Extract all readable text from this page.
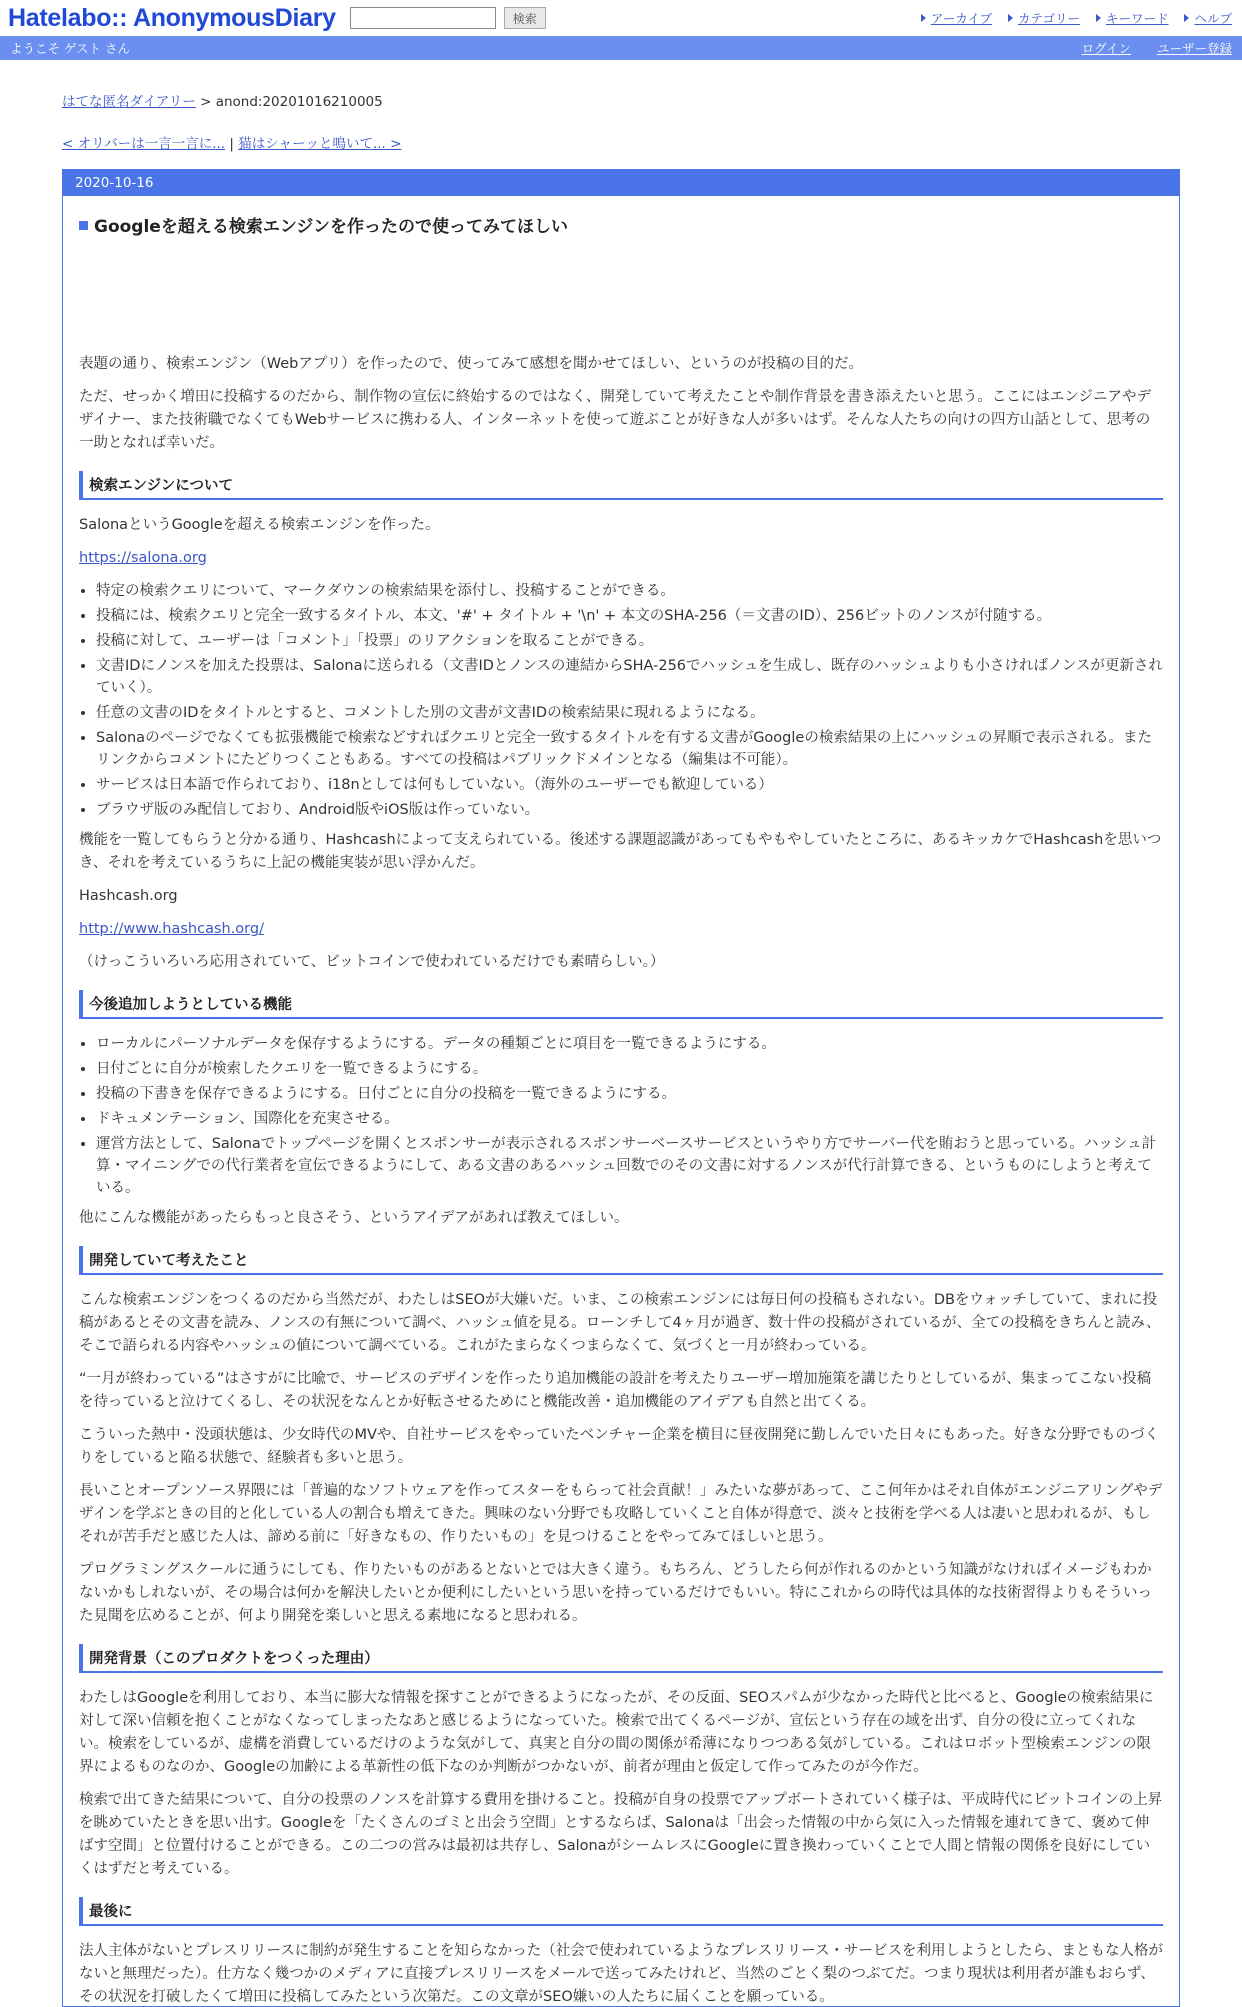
Hatelabo:: AnonymousDiary	検索	アーカイブ カテゴリー キーワード ヘルプ
ようこそ ゲスト さん	ログイン ユーザー登録
はてな匿名ダイアリー > anond:20201016210005
< オリバーは一言一言に... | 猫はシャーッと鳴いて... >
2020-10-16
Googleを超える検索エンジンを作ったので使ってみてほしい

表題の通り、検索エンジン（Webアプリ）を作ったので、使ってみて感想を聞かせてほしい、というのが投稿の目的だ。

ただ、せっかく増田に投稿するのだから、制作物の宣伝に終始するのではなく、開発していて考えたことや制作背景を書き添えたいと思う。ここにはエンジニアやデザイナー、また技術職でなくてもWebサービスに携わる人、インターネットを使って遊ぶことが好きな人が多いはず。そんな人たちの向けの四方山話として、思考の一助となれば幸いだ。

検索エンジンについて

SalonaというGoogleを超える検索エンジンを作った。

https://salona.org

• 特定の検索クエリについて、マークダウンの検索結果を添付し、投稿することができる。
• 投稿には、検索クエリと完全一致するタイトル、本文、'#' + タイトル + '\n' + 本文のSHA-256（＝文書のID）、256ビットのノンスが付随する。
• 投稿に対して、ユーザーは「コメント」「投票」のリアクションを取ることができる。
• 文書IDにノンスを加えた投票は、Salonaに送られる（文書IDとノンスの連結からSHA-256でハッシュを生成し、既存のハッシュよりも小さければノンスが更新されていく）。
• 任意の文書のIDをタイトルとすると、コメントした別の文書が文書IDの検索結果に現れるようになる。
• Salonaのページでなくても拡張機能で検索などすればクエリと完全一致するタイトルを有する文書がGoogleの検索結果の上にハッシュの昇順で表示される。またリンクからコメントにたどりつくこともある。すべての投稿はパブリックドメインとなる（編集は不可能）。
• サービスは日本語で作られており、i18nとしては何もしていない。（海外のユーザーでも歓迎している）
• ブラウザ版のみ配信しており、Android版やiOS版は作っていない。

機能を一覧してもらうと分かる通り、Hashcashによって支えられている。後述する課題認識があってもやもやしていたところに、あるキッカケでHashcashを思いつき、それを考えているうちに上記の機能実装が思い浮かんだ。

Hashcash.org

http://www.hashcash.org/

（けっこういろいろ応用されていて、ビットコインで使われているだけでも素晴らしい。）

今後追加しようとしている機能
• ローカルにパーソナルデータを保存するようにする。データの種類ごとに項目を一覧できるようにする。
• 日付ごとに自分が検索したクエリを一覧できるようにする。
• 投稿の下書きを保存できるようにする。日付ごとに自分の投稿を一覧できるようにする。
• ドキュメンテーション、国際化を充実させる。
• 運営方法として、Salonaでトップページを開くとスポンサーが表示されるスポンサーベースサービスというやり方でサーバー代を賄おうと思っている。ハッシュ計算・マイニングでの代行業者を宣伝できるようにして、ある文書のあるハッシュ回数でのその文書に対するノンスが代行計算できる、というものにしようと考えている。

他にこんな機能があったらもっと良さそう、というアイデアがあれば教えてほしい。

開発していて考えたこと

こんな検索エンジンをつくるのだから当然だが、わたしはSEOが大嫌いだ。いま、この検索エンジンには毎日何の投稿もされない。DBをウォッチしていて、まれに投稿があるとその文書を読み、ノンスの有無について調べ、ハッシュ値を見る。ローンチして4ヶ月が過ぎ、数十件の投稿がされているが、全ての投稿をきちんと読み、そこで語られる内容やハッシュの値について調べている。これがたまらなくつまらなくて、気づくと一月が終わっている。

“一月が終わっている”はさすがに比喩で、サービスのデザインを作ったり追加機能の設計を考えたりユーザー増加施策を講じたりとしているが、集まってこない投稿を待っていると泣けてくるし、その状況をなんとか好転させるためにと機能改善・追加機能のアイデアも自然と出てくる。

こういった熱中・没頭状態は、少女時代のMVや、自社サービスをやっていたベンチャー企業を横目に昼夜開発に勤しんでいた日々にもあった。好きな分野でものづくりをしていると陥る状態で、経験者も多いと思う。

長いことオープンソース界隈には「普遍的なソフトウェアを作ってスターをもらって社会貢献！」みたいな夢があって、ここ何年かはそれ自体がエンジニアリングやデザインを学ぶときの目的と化している人の割合も増えてきた。興味のない分野でも攻略していくこと自体が得意で、淡々と技術を学べる人は凄いと思われるが、もしそれが苦手だと感じた人は、諦める前に「好きなもの、作りたいもの」を見つけることをやってみてほしいと思う。

プログラミングスクールに通うにしても、作りたいものがあるとないとでは大きく違う。もちろん、どうしたら何が作れるのかという知識がなければイメージもわかないかもしれないが、その場合は何かを解決したいとか便利にしたいという思いを持っているだけでもいい。特にこれからの時代は具体的な技術習得よりもそういった見聞を広めることが、何より開発を楽しいと思える素地になると思われる。

開発背景（このプロダクトをつくった理由）

わたしはGoogleを利用しており、本当に膨大な情報を探すことができるようになったが、その反面、SEOスパムが少なかった時代と比べると、Googleの検索結果に対して深い信頼を抱くことがなくなってしまったなあと感じるようになっていた。検索で出てくるページが、宣伝という存在の域を出ず、自分の役に立ってくれない。検索をしているが、虚構を消費しているだけのような気がして、真実と自分の間の関係が希薄になりつつある気がしている。これはロボット型検索エンジンの限界によるものなのか、Googleの加齢による革新性の低下なのか判断がつかないが、前者が理由と仮定して作ってみたのが今作だ。

検索で出てきた結果について、自分の投票のノンスを計算する費用を掛けること。投稿が自身の投票でアップボートされていく様子は、平成時代にビットコインの上昇を眺めていたときを思い出す。Googleを「たくさんのゴミと出会う空間」とするならば、Salonaは「出会った情報の中から気に入った情報を連れてきて、褒めて伸ばす空間」と位置付けることができる。この二つの営みは最初は共存し、SalonaがシームレスにGoogleに置き換わっていくことで人間と情報の関係を良好にしていくはずだと考えている。

最後に

法人主体がないとプレスリリースに制約が発生することを知らなかった（社会で使われているようなプレスリリース・サービスを利用しようとしたら、まともな人格がないと無理だった）。仕方なく幾つかのメディアに直接プレスリリースをメールで送ってみたけれど、当然のごとく梨のつぶてだ。つまり現状は利用者が誰もおらず、その状況を打破したくて増田に投稿してみたという次第だ。この文章がSEO嫌いの人たちに届くことを願っている。
